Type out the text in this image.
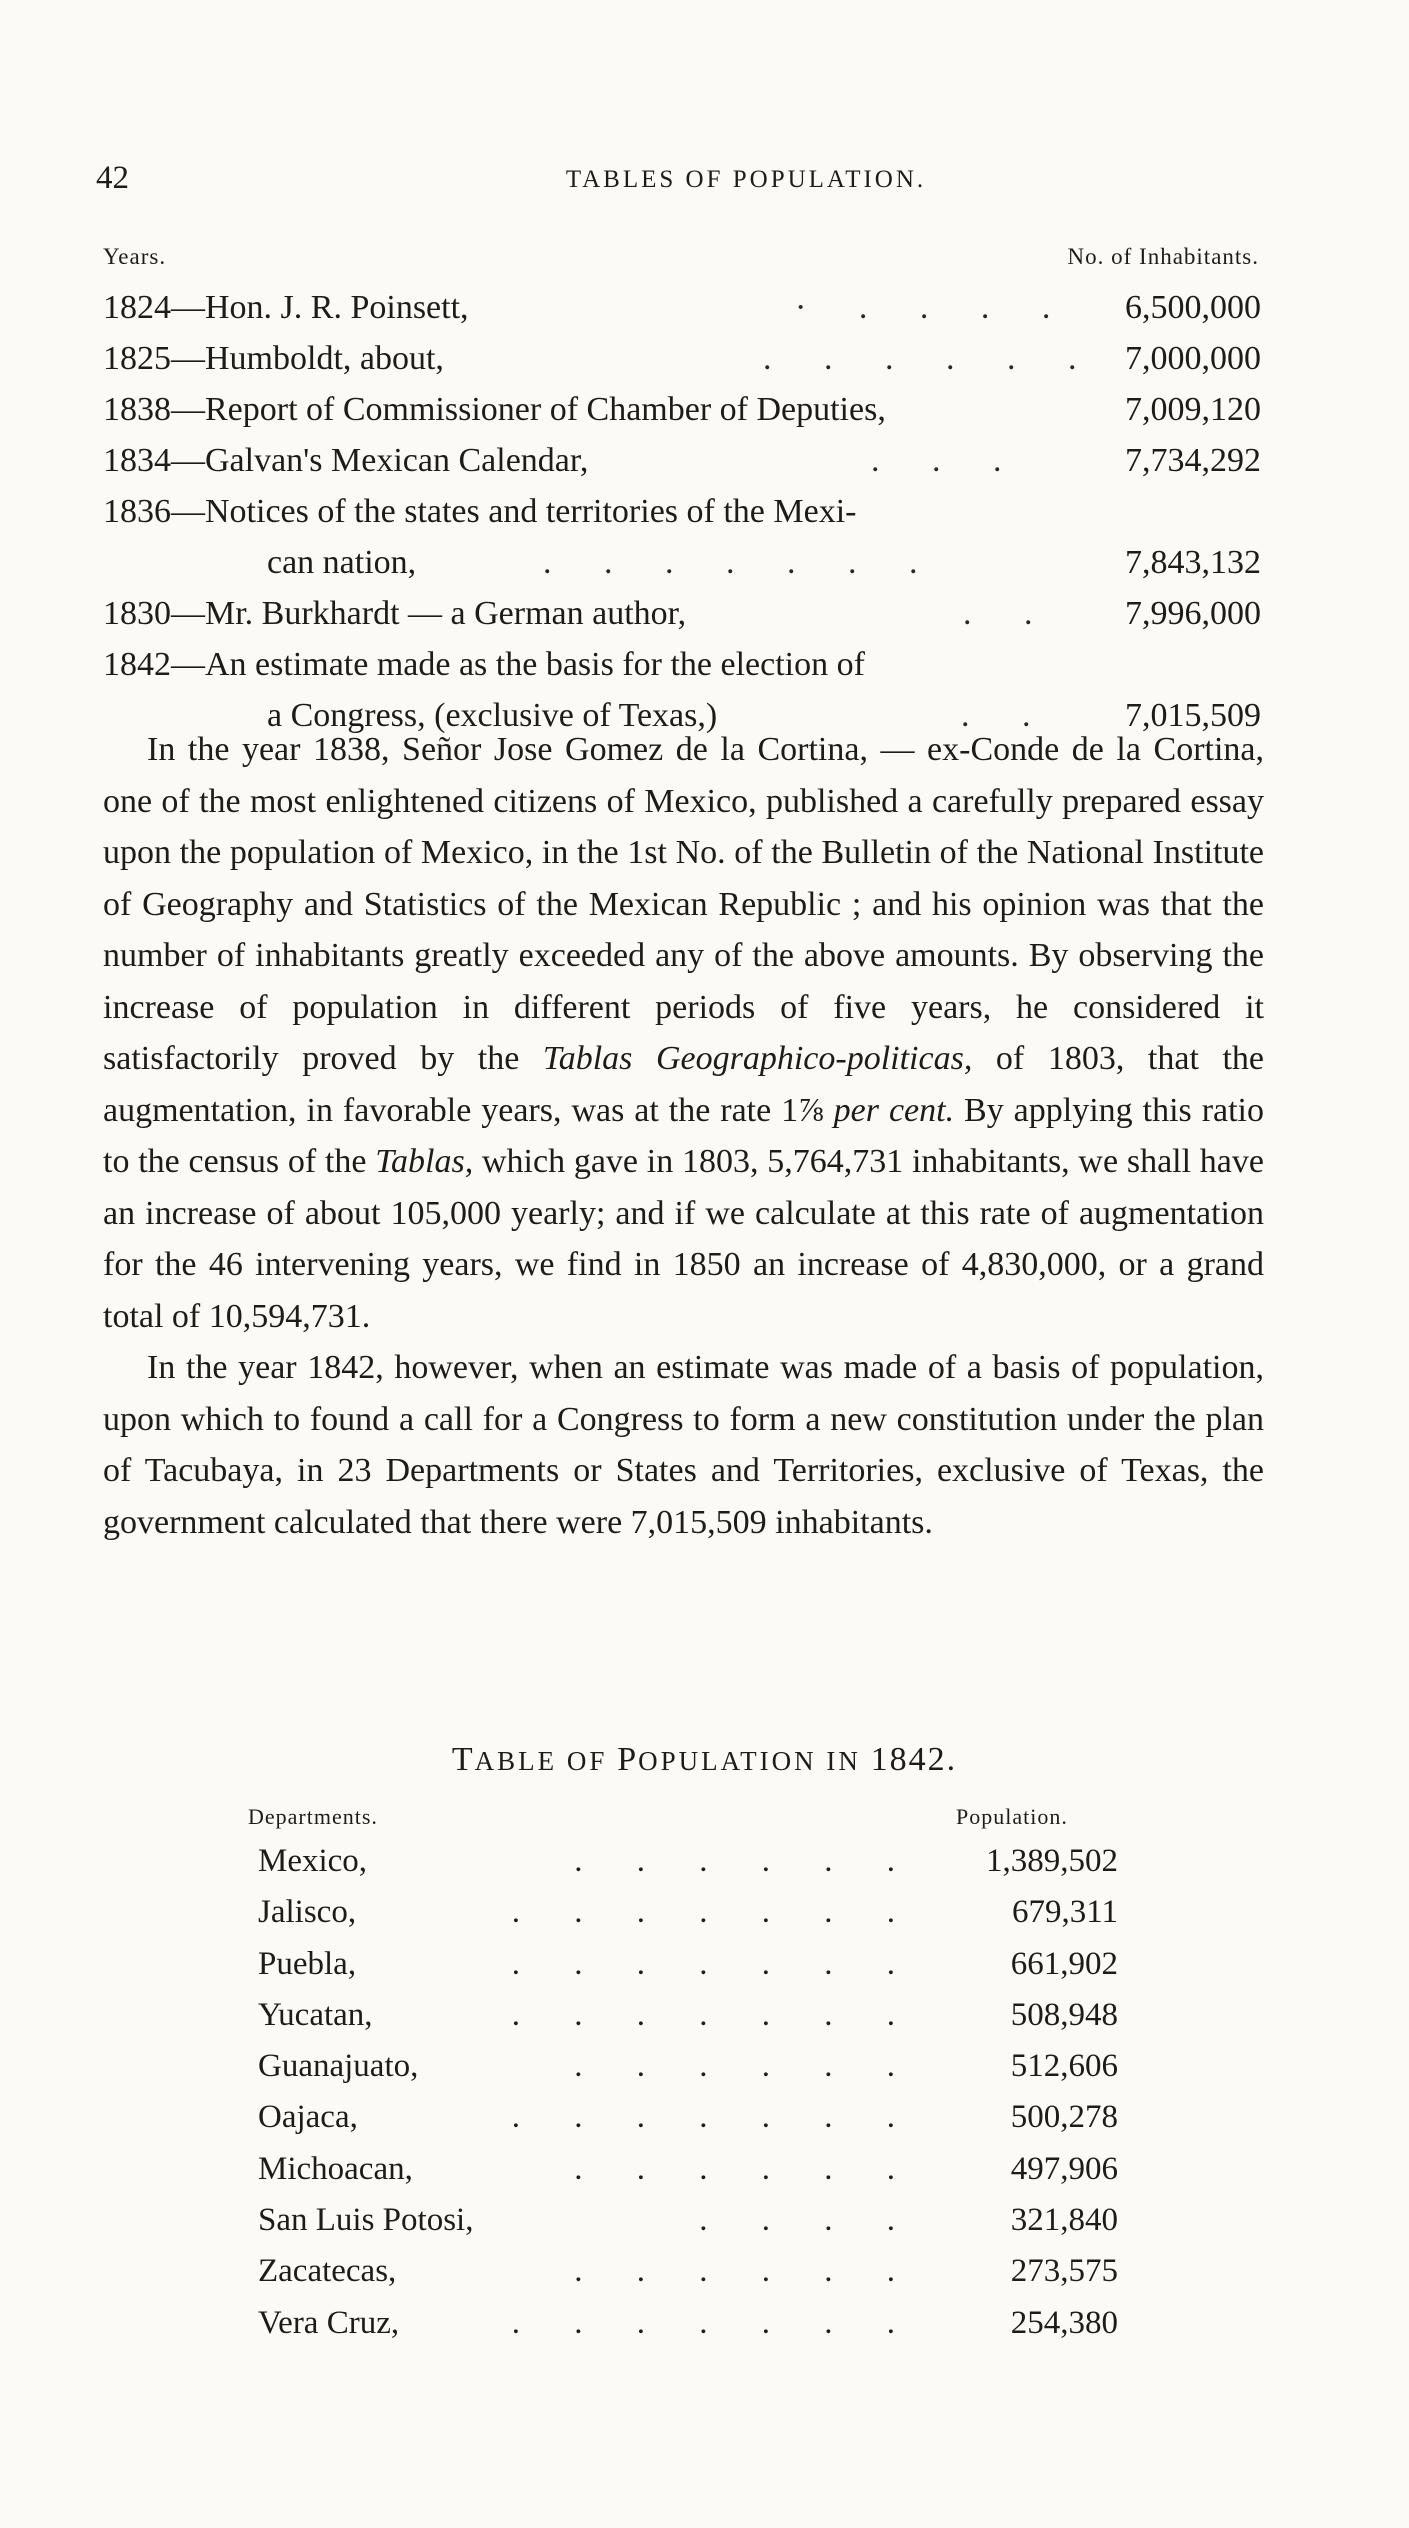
42	TABLES OF POPULATION.
Years.	No. of Inhabitants.
1824—Hon. J. R. Poinsett,	· . . . . 6,500,000
1825—Humboldt, about,	. . . . . . 7,000,000
1838—Report of Commissioner of Chamber of Deputies,	7,009,120
1834—Galvan's Mexican Calendar,	. . .	7,734,292
1836—Notices of the states and territories of the Mexi-
can nation,	. . . . . . .	7,843,132
1830—Mr. Burkhardt — a German author,	. . 7,996,000
1842—An estimate made as the basis for the election of
a Congress, (exclusive of Texas,)	. . 7,015,509

In the year 1838, Señor Jose Gomez de la Cortina, — ex-Conde de la Cortina, one of the most enlightened citizens of Mexico, published a carefully prepared essay upon the population of Mexico, in the 1st No. of the Bulletin of the National Institute of Geography and Statistics of the Mexican Republic ; and his opinion was that the number of inhabitants greatly exceeded any of the above amounts. By observing the increase of population in different periods of five years, he considered it satisfactorily proved by the Tablas Geographico-politicas, of 1803, that the augmentation, in favorable years, was at the rate 1⅞ per cent. By applying this ratio to the census of the Tablas, which gave in 1803, 5,764,731 inhabitants, we shall have an increase of about 105,000 yearly; and if we calculate at this rate of augmentation for the 46 intervening years, we find in 1850 an increase of 4,830,000, or a grand total of 10,594,731.

In the year 1842, however, when an estimate was made of a basis of population, upon which to found a call for a Congress to form a new constitution under the plan of Tacubaya, in 23 Departments or States and Territories, exclusive of Texas, the government calculated that there were 7,015,509 inhabitants.

TABLE OF POPULATION IN 1842.
Departments.	Population.
Mexico,	. . . . . . 1,389,502
Jalisco,	. . . . . . .	679,311
Puebla,	. . . . . . .	661,902
Yucatan,	. . . . . . .	508,948
Guanajuato,	. . . . . .	512,606
Oajaca,	. . . . . . .	500,278
Michoacan,	. . . . . .	497,906
San Luis Potosi,	. . . .	321,840
Zacatecas,	. . . . . .	273,575
Vera Cruz,	. . . . . . .	254,380
